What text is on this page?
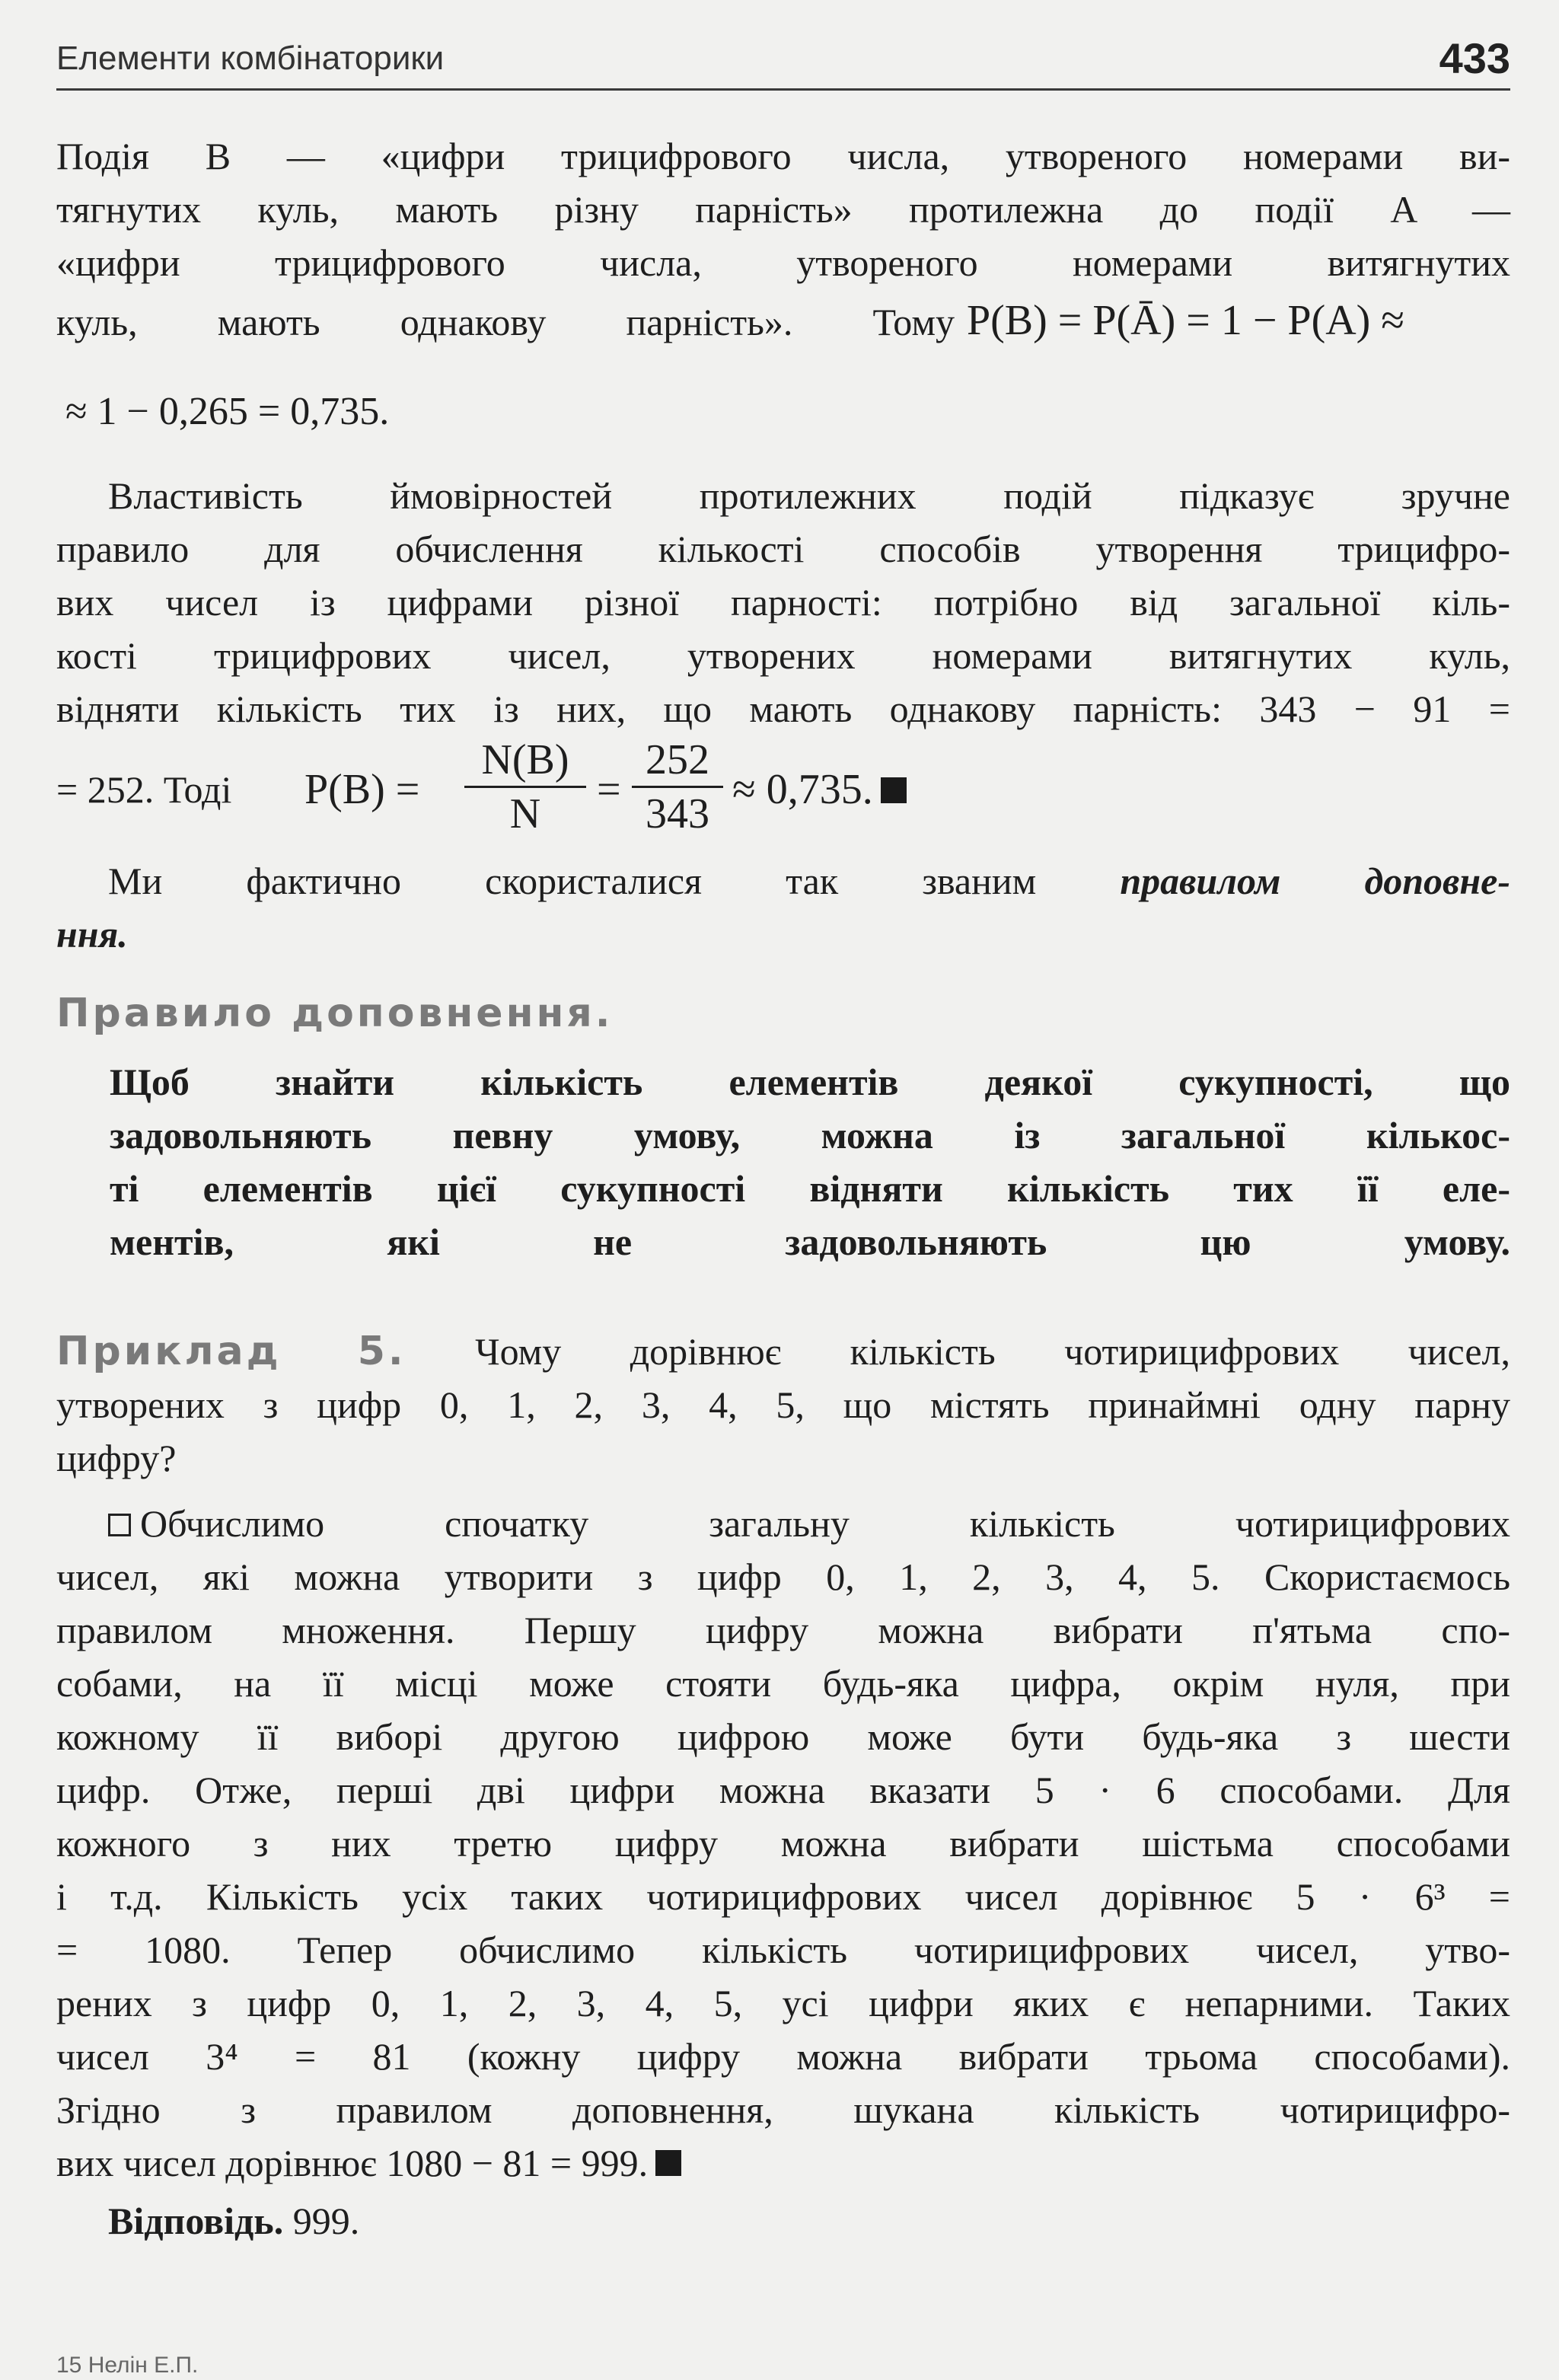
Елементи комбінаторики	433
Подія B — «цифри трицифрового числа, утвореного номерами ви-
тягнутих куль, мають різну парність» протилежна до події A —
«цифри трицифрового числа, утвореного номерами витягнутих
куль, мають однакову парність». Тому P(B) = P(Ā) = 1 − P(A) ≈
≈ 1 − 0,265 = 0,735.
Властивість ймовірностей протилежних подій підказує зручне
правило для обчислення кількості способів утворення трицифро-
вих чисел із цифрами різної парності: потрібно від загальної кіль-
кості трицифрових чисел, утворених номерами витягнутих куль,
відняти кількість тих із них, що мають однакову парність: 343 − 91 =
= 252. Тоді P(B) =
N(B)
N
=
252
343
≈ 0,735.
Ми фактично скористалися так званим правилом доповне-
ння.
Правило доповнення.
Щоб знайти кількість елементів деякої сукупності, що
задовольняють певну умову, можна із загальної кількос-
ті елементів цієї сукупності відняти кількість тих її еле-
ментів, які не задовольняють цю умову.
Приклад 5. Чому дорівнює кількість чотирицифрових чисел,
утворених з цифр 0, 1, 2, 3, 4, 5, що містять принаймні одну парну
цифру?
Обчислимо спочатку загальну кількість чотирицифрових
чисел, які можна утворити з цифр 0, 1, 2, 3, 4, 5. Скористаємось
правилом множення. Першу цифру можна вибрати п'ятьма спо-
собами, на її місці може стояти будь-яка цифра, окрім нуля, при
кожному її виборі другою цифрою може бути будь-яка з шести
цифр. Отже, перші дві цифри можна вказати 5 · 6 способами. Для
кожного з них третю цифру можна вибрати шістьма способами
і т.д. Кількість усіх таких чотирицифрових чисел дорівнює 5 · 6³ =
= 1080. Тепер обчислимо кількість чотирицифрових чисел, утво-
рених з цифр 0, 1, 2, 3, 4, 5, усі цифри яких є непарними. Таких
чисел 3⁴ = 81 (кожну цифру можна вибрати трьома способами).
Згідно з правилом доповнення, шукана кількість чотирицифро-
вих чисел дорівнює 1080 − 81 = 999.
Відповідь. 999.
15 Нелін Е.П.
